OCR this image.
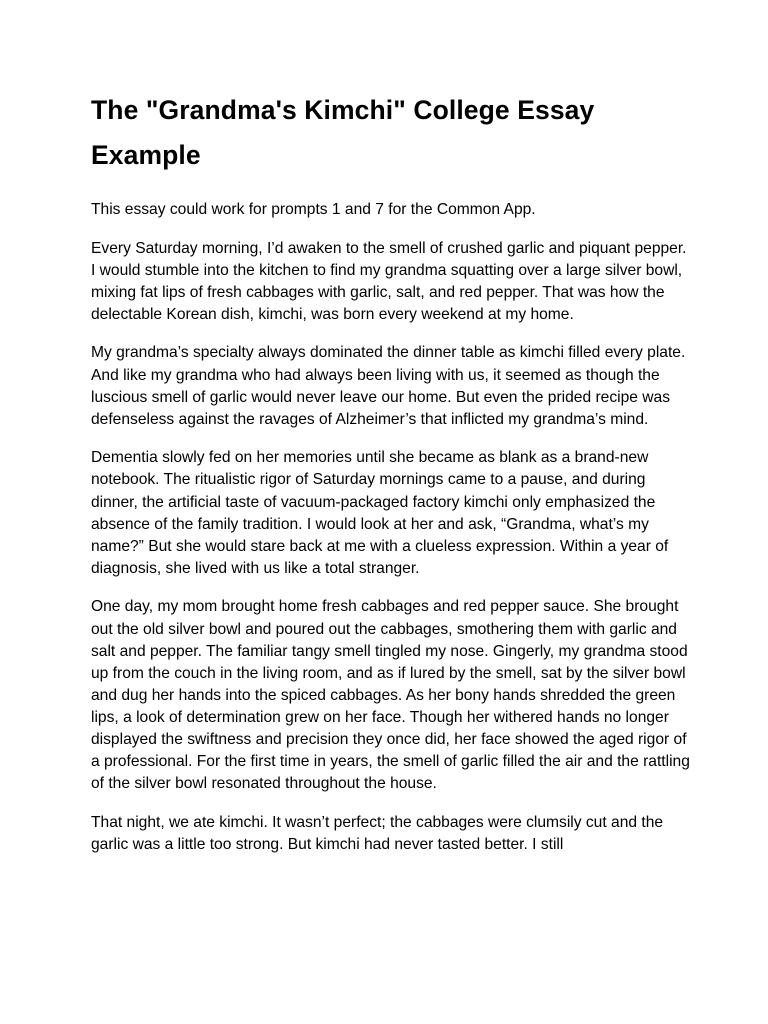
The "Grandma's Kimchi" College Essay Example

This essay could work for prompts 1 and 7 for the Common App.

Every Saturday morning, I’d awaken to the smell of crushed garlic and piquant pepper. I would stumble into the kitchen to find my grandma squatting over a large silver bowl, mixing fat lips of fresh cabbages with garlic, salt, and red pepper. That was how the delectable Korean dish, kimchi, was born every weekend at my home.

My grandma’s specialty always dominated the dinner table as kimchi filled every plate. And like my grandma who had always been living with us, it seemed as though the luscious smell of garlic would never leave our home. But even the prided recipe was defenseless against the ravages of Alzheimer’s that inflicted my grandma’s mind.

Dementia slowly fed on her memories until she became as blank as a brand-new notebook. The ritualistic rigor of Saturday mornings came to a pause, and during dinner, the artificial taste of vacuum-packaged factory kimchi only emphasized the absence of the family tradition. I would look at her and ask, “Grandma, what’s my name?” But she would stare back at me with a clueless expression. Within a year of diagnosis, she lived with us like a total stranger.

One day, my mom brought home fresh cabbages and red pepper sauce. She brought out the old silver bowl and poured out the cabbages, smothering them with garlic and salt and pepper. The familiar tangy smell tingled my nose. Gingerly, my grandma stood up from the couch in the living room, and as if lured by the smell, sat by the silver bowl and dug her hands into the spiced cabbages. As her bony hands shredded the green lips, a look of determination grew on her face. Though her withered hands no longer displayed the swiftness and precision they once did, her face showed the aged rigor of a professional. For the first time in years, the smell of garlic filled the air and the rattling of the silver bowl resonated throughout the house.

That night, we ate kimchi. It wasn’t perfect; the cabbages were clumsily cut and the garlic was a little too strong. But kimchi had never tasted better. I still
